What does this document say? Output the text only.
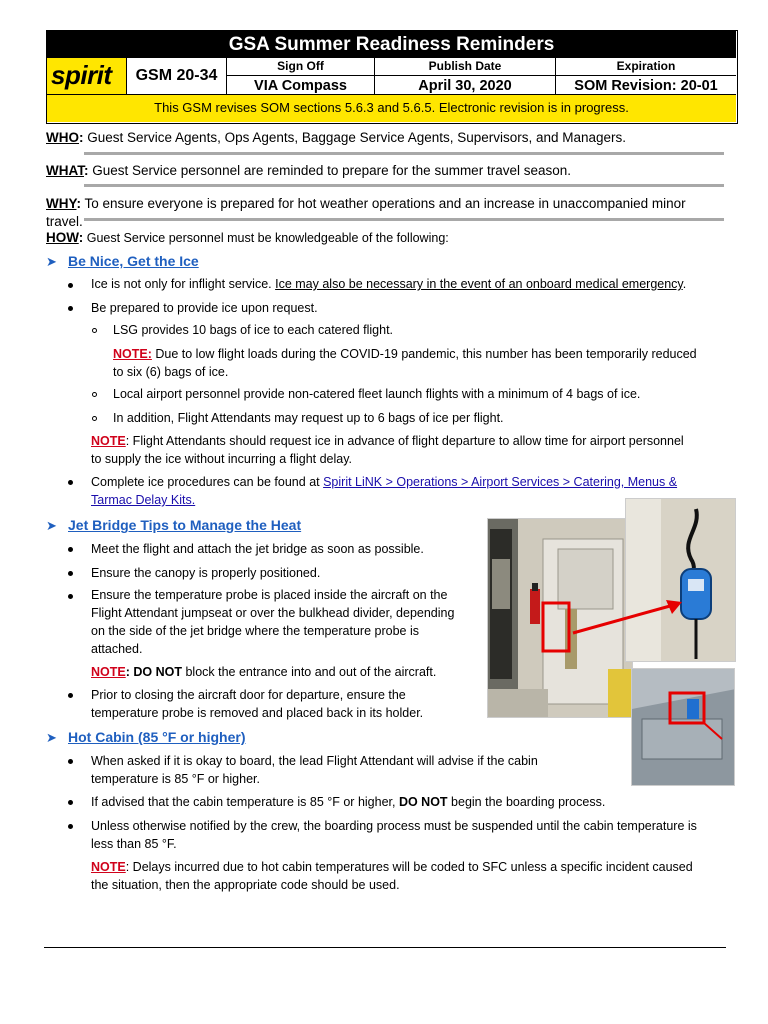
GSA Summer Readiness Reminders
spirit	GSM 20-34
Sign Off
VIA Compass
Publish Date
April 30, 2020
Expiration
SOM Revision: 20-01
This GSM revises SOM sections 5.6.3 and 5.6.5. Electronic revision is in progress.
WHO: Guest Service Agents, Ops Agents, Baggage Service Agents, Supervisors, and Managers.
WHAT: Guest Service personnel are reminded to prepare for the summer travel season.
WHY: To ensure everyone is prepared for hot weather operations and an increase in unaccompanied minor travel.
HOW: Guest Service personnel must be knowledgeable of the following:
➤ Be Nice, Get the Ice
Ice is not only for inflight service. Ice may also be necessary in the event of an onboard medical emergency.
Be prepared to provide ice upon request.
LSG provides 10 bags of ice to each catered flight.
NOTE: Due to low flight loads during the COVID-19 pandemic, this number has been temporarily reduced
to six (6) bags of ice.
Local airport personnel provide non-catered fleet launch flights with a minimum of 4 bags of ice.
In addition, Flight Attendants may request up to 6 bags of ice per flight.
NOTE: Flight Attendants should request ice in advance of flight departure to allow time for airport personnel
to supply the ice without incurring a flight delay.
Complete ice procedures can be found at Spirit LiNK > Operations > Airport Services > Catering, Menus &
Tarmac Delay Kits.
➤ Jet Bridge Tips to Manage the Heat
Meet the flight and attach the jet bridge as soon as possible.
Ensure the canopy is properly positioned.
Ensure the temperature probe is placed inside the aircraft on the
Flight Attendant jumpseat or over the bulkhead divider, depending
on the side of the jet bridge where the temperature probe is
attached.
NOTE: DO NOT block the entrance into and out of the aircraft.
Prior to closing the aircraft door for departure, ensure the
temperature probe is removed and placed back in its holder.
➤ Hot Cabin (85 °F or higher)
When asked if it is okay to board, the lead Flight Attendant will advise if the cabin
temperature is 85 °F or higher.
If advised that the cabin temperature is 85 °F or higher, DO NOT begin the boarding process.
Unless otherwise notified by the crew, the boarding process must be suspended until the cabin temperature is
less than 85 °F.
NOTE: Delays incurred due to hot cabin temperatures will be coded to SFC unless a specific incident caused
the situation, then the appropriate code should be used.
